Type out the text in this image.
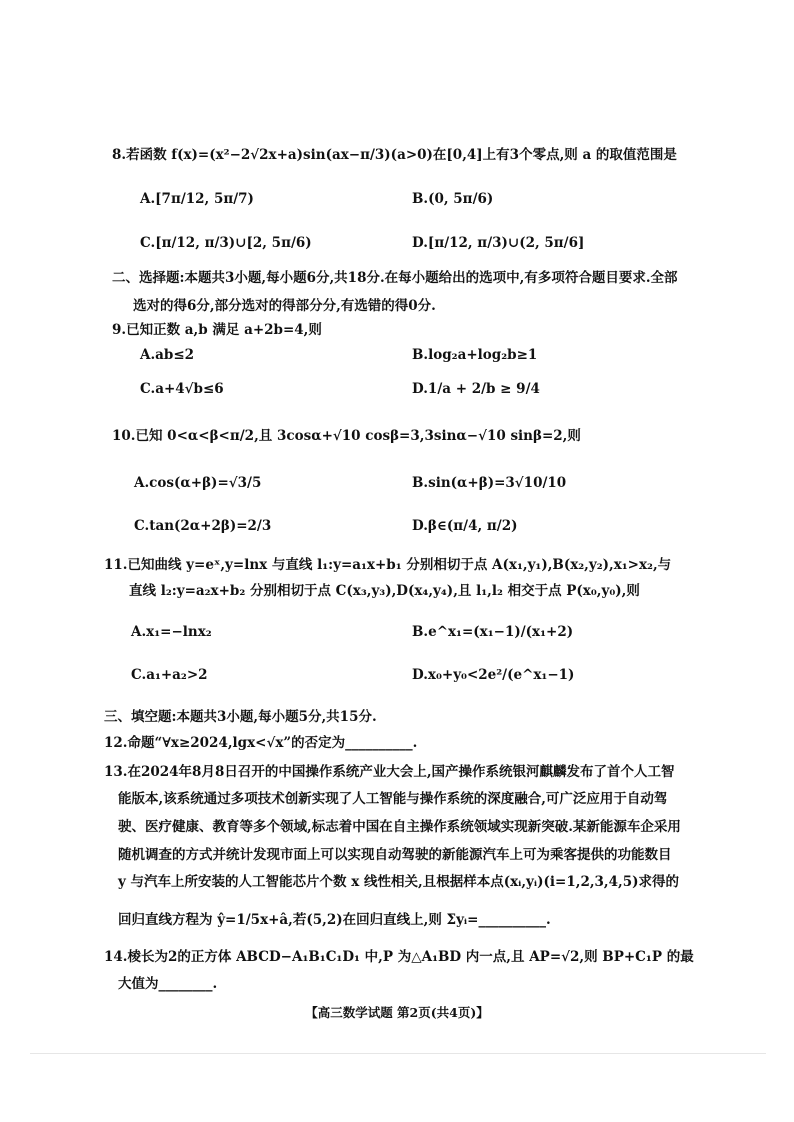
8.若函数 f(x)=(x²−2√2x+a)sin(ax−π/3)(a>0)在[0,4]上有3个零点,则 a 的取值范围是
A.[7π/12, 5π/7)	B.(0, 5π/6)
C.[π/12, π/3)∪[2, 5π/6)	D.[π/12, π/3)∪(2, 5π/6]
二、选择题:本题共3小题,每小题6分,共18分.在每小题给出的选项中,有多项符合题目要求.全部
选对的得6分,部分选对的得部分分,有选错的得0分.
9.已知正数 a,b 满足 a+2b=4,则
A.ab≤2	B.log₂a+log₂b≥1
C.a+4√b≤6	D.1/a + 2/b ≥ 9/4
10.已知 0<α<β<π/2,且 3cosα+√10 cosβ=3,3sinα−√10 sinβ=2,则
A.cos(α+β)=√3/5	B.sin(α+β)=3√10/10
C.tan(2α+2β)=2/3	D.β∈(π/4, π/2)
11.已知曲线 y=eˣ,y=lnx 与直线 l₁:y=a₁x+b₁ 分别相切于点 A(x₁,y₁),B(x₂,y₂),x₁>x₂,与
直线 l₂:y=a₂x+b₂ 分别相切于点 C(x₃,y₃),D(x₄,y₄),且 l₁,l₂ 相交于点 P(x₀,y₀),则
A.x₁=−lnx₂	B.e^x₁=(x₁−1)/(x₁+2)
C.a₁+a₂>2	D.x₀+y₀<2e²/(e^x₁−1)
三、填空题:本题共3小题,每小题5分,共15分.
12.命题“∀x≥2024,lgx<√x”的否定为__________.
13.在2024年8月8日召开的中国操作系统产业大会上,国产操作系统银河麒麟发布了首个人工智
能版本,该系统通过多项技术创新实现了人工智能与操作系统的深度融合,可广泛应用于自动驾
驶、医疗健康、教育等多个领域,标志着中国在自主操作系统领域实现新突破.某新能源车企采用
随机调查的方式并统计发现市面上可以实现自动驾驶的新能源汽车上可为乘客提供的功能数目
y 与汽车上所安装的人工智能芯片个数 x 线性相关,且根据样本点(xᵢ,yᵢ)(i=1,2,3,4,5)求得的
回归直线方程为 ŷ=1/5x+â,若(5,2)在回归直线上,则 Σyᵢ=__________.
14.棱长为2的正方体 ABCD−A₁B₁C₁D₁ 中,P 为△A₁BD 内一点,且 AP=√2,则 BP+C₁P 的最
大值为________.
【高三数学试题 第2页(共4页)】
